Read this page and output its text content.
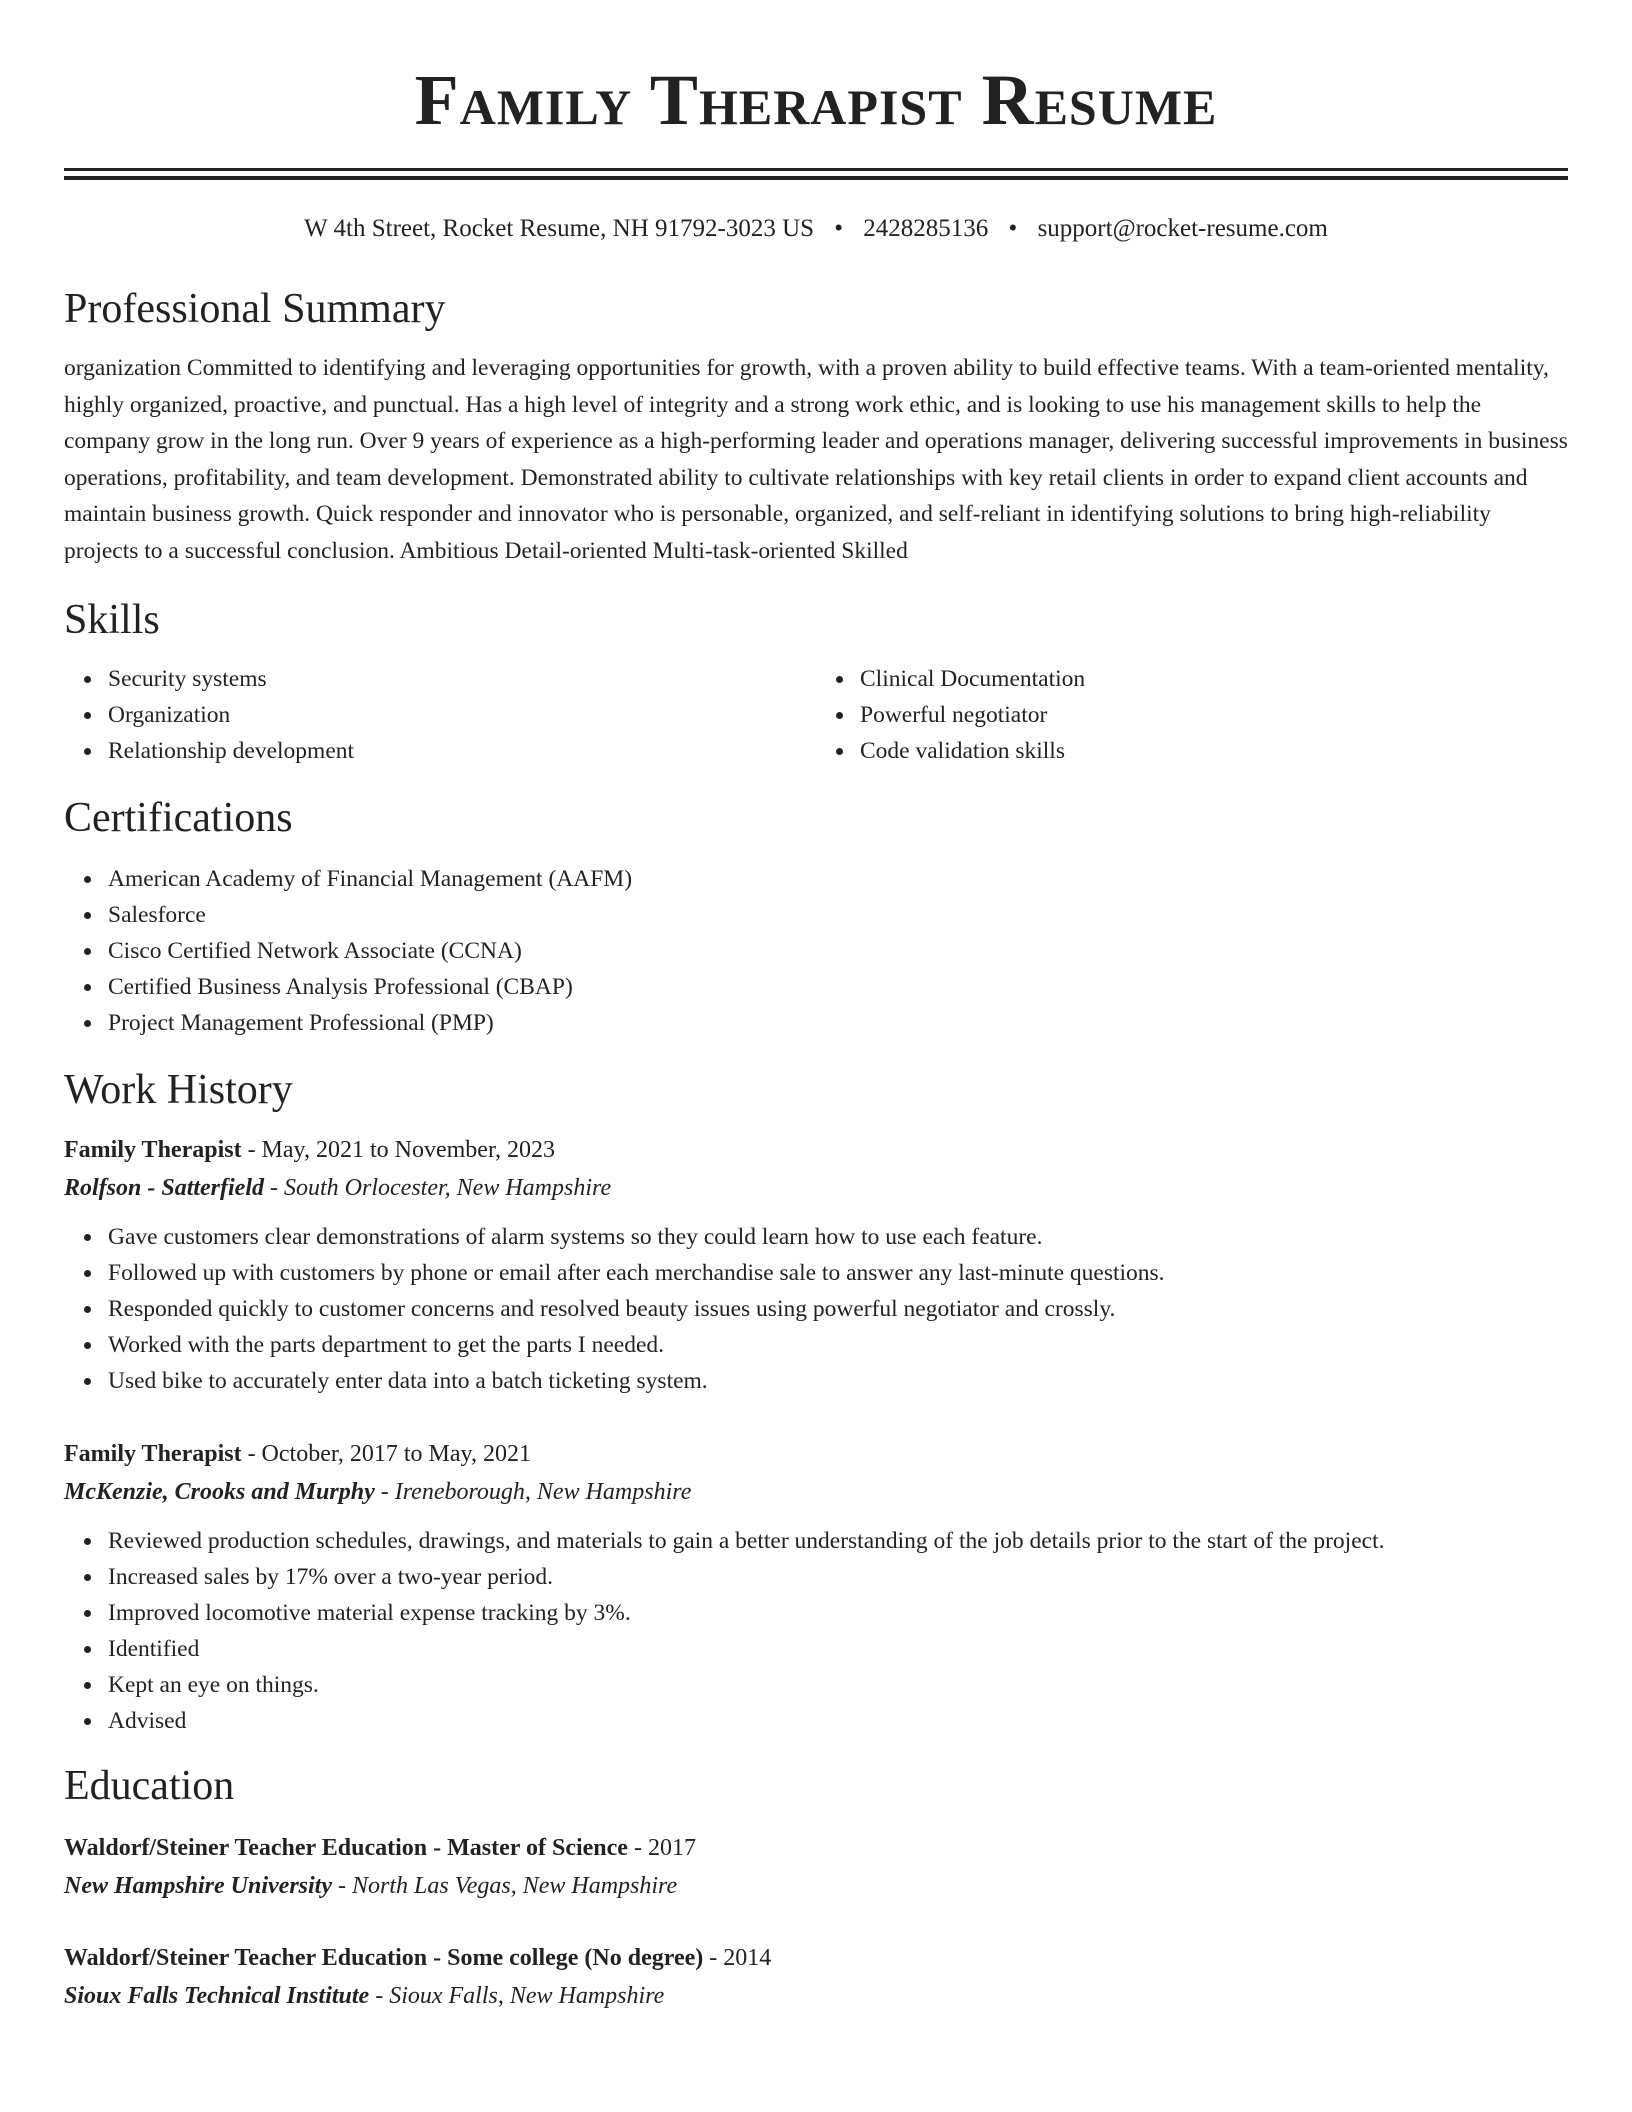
Family Therapist Resume
W 4th Street, Rocket Resume, NH 91792-3023 US • 2428285136 • support@rocket-resume.com
Professional Summary

organization Committed to identifying and leveraging opportunities for growth, with a proven ability to build effective teams. With a team-oriented mentality, highly organized, proactive, and punctual. Has a high level of integrity and a strong work ethic, and is looking to use his management skills to help the company grow in the long run. Over 9 years of experience as a high-performing leader and operations manager, delivering successful improvements in business operations, profitability, and team development. Demonstrated ability to cultivate relationships with key retail clients in order to expand client accounts and maintain business growth. Quick responder and innovator who is personable, organized, and self-reliant in identifying solutions to bring high-reliability projects to a successful conclusion. Ambitious Detail-oriented Multi-task-oriented Skilled

Skills
Security systems
Organization
Relationship development
Clinical Documentation
Powerful negotiator
Code validation skills
Certifications
American Academy of Financial Management (AAFM)
Salesforce
Cisco Certified Network Associate (CCNA)
Certified Business Analysis Professional (CBAP)
Project Management Professional (PMP)
Work History
Family Therapist - May, 2021 to November, 2023
Rolfson - Satterfield - South Orlocester, New Hampshire
Gave customers clear demonstrations of alarm systems so they could learn how to use each feature.
Followed up with customers by phone or email after each merchandise sale to answer any last-minute questions.
Responded quickly to customer concerns and resolved beauty issues using powerful negotiator and crossly.
Worked with the parts department to get the parts I needed.
Used bike to accurately enter data into a batch ticketing system.
Family Therapist - October, 2017 to May, 2021
McKenzie, Crooks and Murphy - Ireneborough, New Hampshire
Reviewed production schedules, drawings, and materials to gain a better understanding of the job details prior to the start of the project.
Increased sales by 17% over a two-year period.
Improved locomotive material expense tracking by 3%.
Identified
Kept an eye on things.
Advised
Education
Waldorf/Steiner Teacher Education - Master of Science - 2017
New Hampshire University - North Las Vegas, New Hampshire
Waldorf/Steiner Teacher Education - Some college (No degree) - 2014
Sioux Falls Technical Institute - Sioux Falls, New Hampshire
